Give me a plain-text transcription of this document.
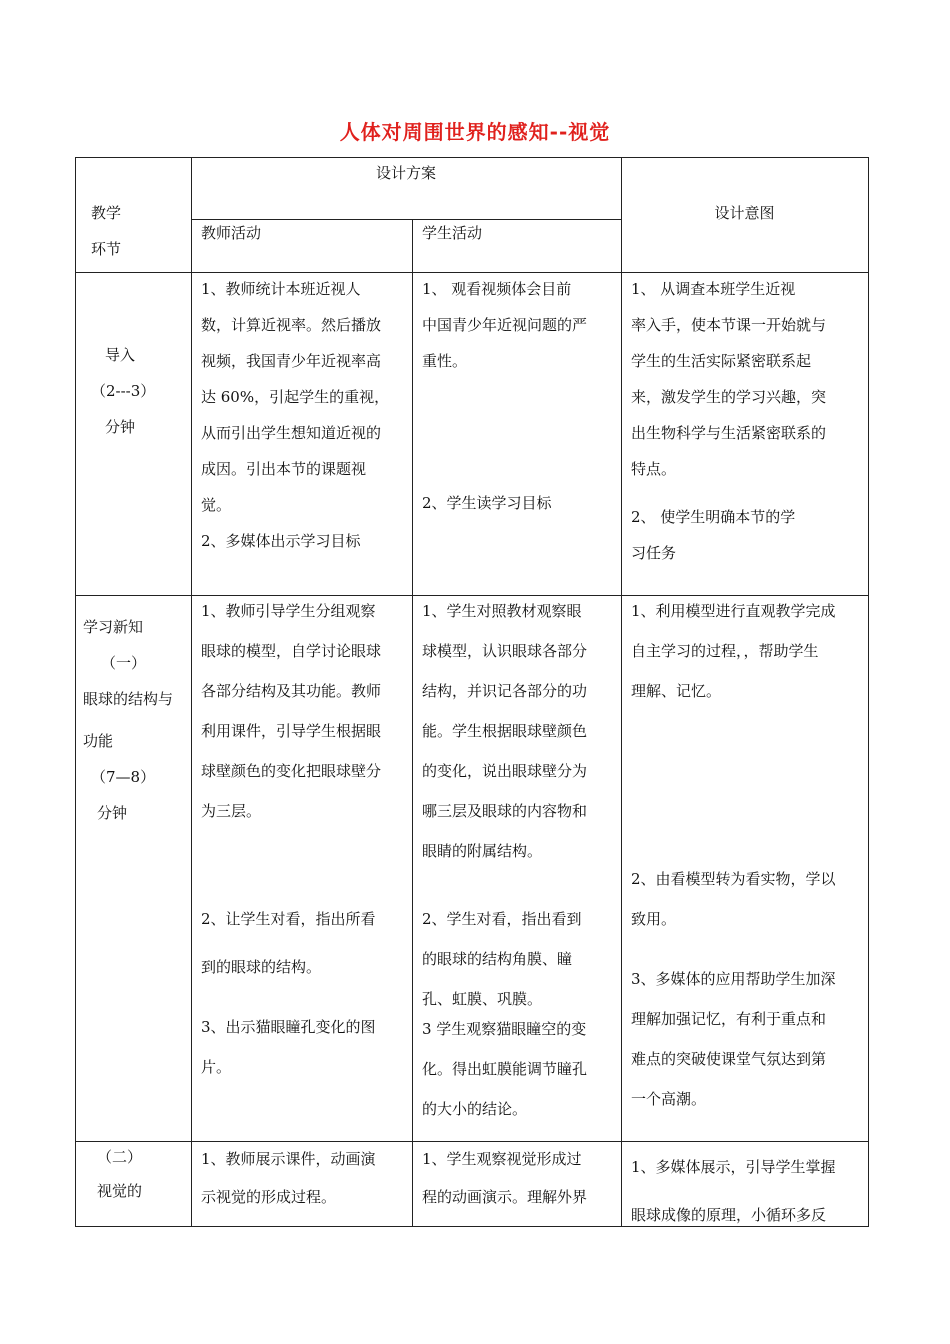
人体对周围世界的感知--视觉
教学
环节
设计方案
教师活动	学生活动
设计意图
导入
（2---3）
分钟
1、教师统计本班近视人
数，计算近视率。然后播放
视频，我国青少年近视率高
达 60%，引起学生的重视，
从而引出学生想知道近视的
成因。引出本节的课题视
觉。
2、多媒体出示学习目标
1、 观看视频体会目前
中国青少年近视问题的严
重性。
2、学生读学习目标
1、 从调查本班学生近视
率入手，使本节课一开始就与
学生的生活实际紧密联系起
来，激发学生的学习兴趣，突
出生物科学与生活紧密联系的
特点。
2、 使学生明确本节的学
习任务
学习新知
（一）
眼球的结构与
功能
（7—8）
分钟
1、教师引导学生分组观察
眼球的模型，自学讨论眼球
各部分结构及其功能。教师
利用课件，引导学生根据眼
球壁颜色的变化把眼球壁分
为三层。
2、让学生对看，指出所看
到的眼球的结构。
3、出示猫眼瞳孔变化的图
片。
1、学生对照教材观察眼
球模型，认识眼球各部分
结构，并识记各部分的功
能。学生根据眼球壁颜色
的变化，说出眼球壁分为
哪三层及眼球的内容物和
眼睛的附属结构。
2、学生对看，指出看到
的眼球的结构角膜、瞳
孔、虹膜、巩膜。
3 学生观察猫眼瞳空的变
化。得出虹膜能调节瞳孔
的大小的结论。
1、利用模型进行直观教学完成
自主学习的过程，，帮助学生
理解、记忆。
2、由看模型转为看实物，学以
致用。
3、多媒体的应用帮助学生加深
理解加强记忆，有利于重点和
难点的突破使课堂气氛达到第
一个高潮。
（二）
视觉的
1、教师展示课件，动画演
示视觉的形成过程。
1、学生观察视觉形成过
程的动画演示。理解外界
1、多媒体展示，引导学生掌握
眼球成像的原理，小循环多反
